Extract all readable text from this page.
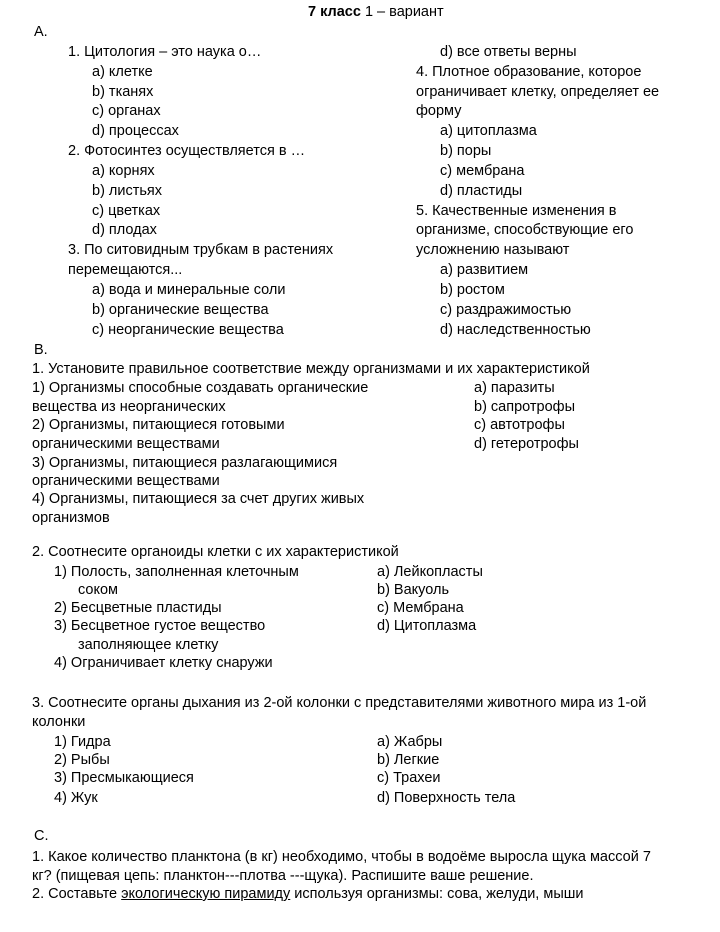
7 класс 1 – вариант
А.
1. Цитология – это наука о…
a) клетке
b) тканях
c) органах
d) процессах
2. Фотосинтез осуществляется в …
a) корнях
b) листьях
c) цветках
d) плодах
3. По ситовидным трубкам в растениях
перемещаются...
a) вода и минеральные соли
b) органические вещества
c) неорганические вещества
d) все ответы верны
4. Плотное образование, которое
ограничивает клетку, определяет ее
форму
a) цитоплазма
b) поры
c) мембрана
d) пластиды
5. Качественные изменения в
организме, способствующие его
усложнению называют
a) развитием
b) ростом
c) раздражимостью
d) наследственностью
В.
1. Установите правильное соответствие между организмами и их характеристикой
1) Организмы способные создавать органические
вещества из неорганических
2) Организмы, питающиеся готовыми
органическими веществами
3) Организмы, питающиеся разлагающимися
органическими веществами
4) Организмы, питающиеся за счет других живых
организмов
a) паразиты
b) сапротрофы
c) автотрофы
d) гетеротрофы
2. Соотнесите органоиды клетки с их характеристикой
1) Полость, заполненная клеточным
соком
2) Бесцветные пластиды
3) Бесцветное густое вещество
заполняющее клетку
4) Ограничивает клетку снаружи
a) Лейкопласты
b) Вакуоль
c) Мембрана
d) Цитоплазма
3. Соотнесите органы дыхания из 2-ой колонки с представителями животного мира из 1-ой
колонки
1) Гидра
2) Рыбы
3) Пресмыкающиеся
4) Жук
a) Жабры
b) Легкие
c) Трахеи
d) Поверхность тела
С.
1. Какое количество планктона (в кг) необходимо, чтобы в водоёме выросла щука массой 7
кг? (пищевая цепь: планктон---плотва ---щука). Распишите ваше решение.
2. Составьте экологическую пирамиду используя организмы: сова, желуди, мыши
